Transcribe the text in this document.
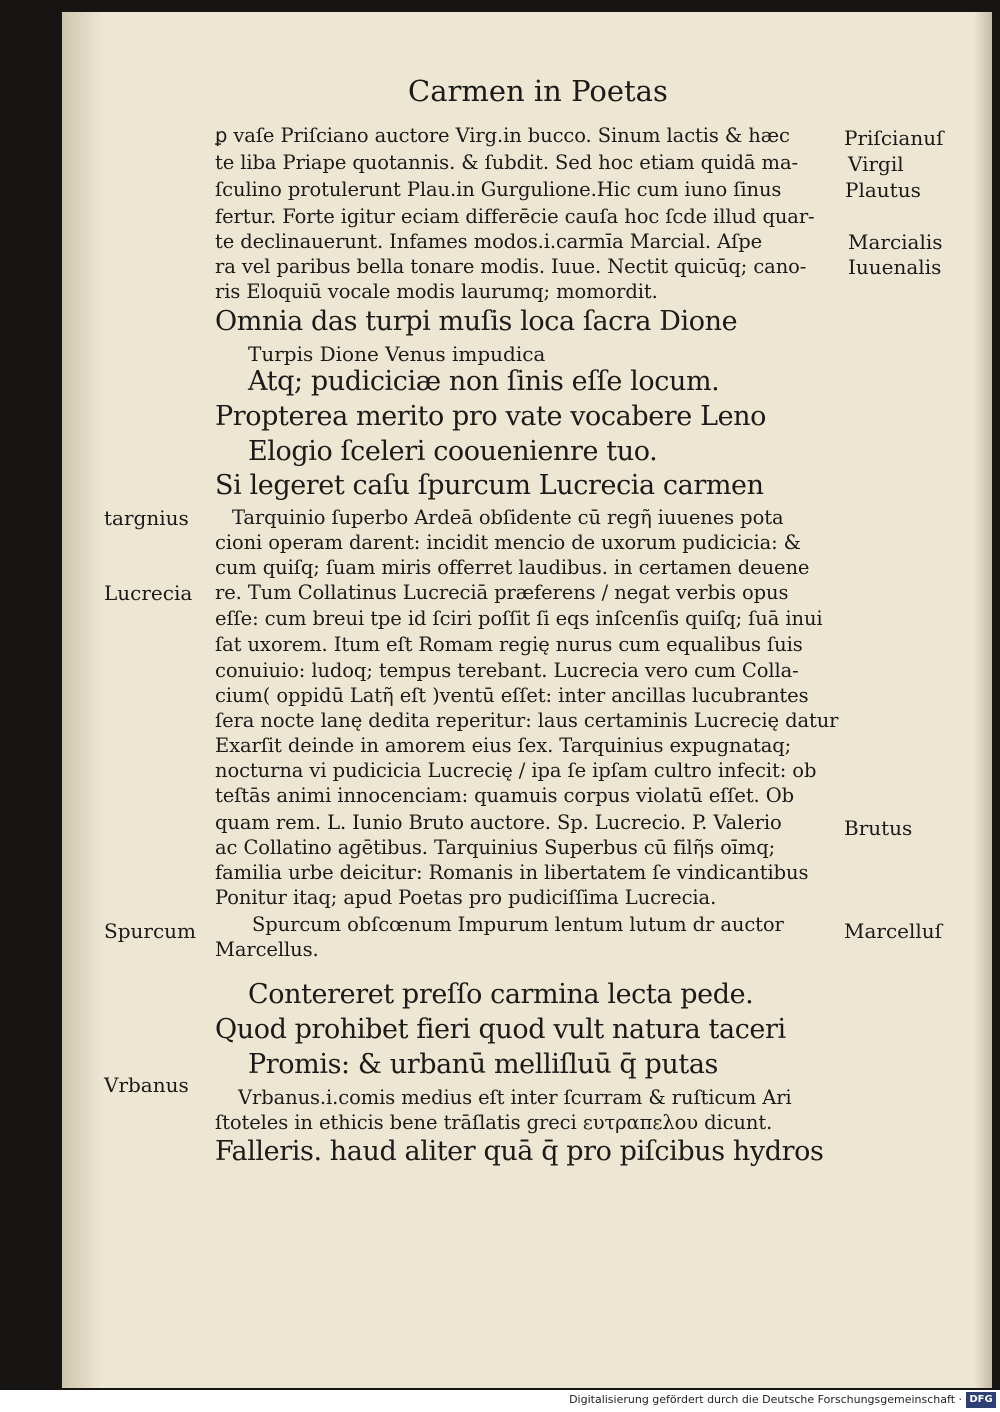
Carmen in Poetas

ꝑ vaſe Priſciano auctore Virg.in bucco. Sinum lactis & hæc

te liba Priape quotannis. & ſubdit. Sed hoc etiam quidā ma-

ſculino protulerunt Plau.in Gurgulione.Hic cum iuno ſinus

fertur. Forte igitur eciam differēcie cauſa hoc ſcde illud quar-

te declinauerunt. Infames modos.i.carmīa Marcial. Aſpe

ra vel paribus bella tonare modis. Iuue. Nectit quicūq; cano-

ris Eloquiū vocale modis laurumq; momordit.

Omnia das turpi muſis loca ſacra Dione

Turpis Dione Venus impudica

Atq; pudiciciæ non ſinis eſſe locum.

Propterea merito pro vate vocabere Leno

Elogio ſceleri coouenienre tuo.

Si legeret caſu ſpurcum Lucrecia carmen

Tarquinio ſuperbo Ardeā obſidente cū regῆ iuuenes pota

cioni operam darent: incidit mencio de uxorum pudicicia: &

cum quiſq; ſuam miris offerret laudibus. in certamen deuene

re. Tum Collatinus Lucreciā præferens / negat verbis opus

eſſe: cum breui tpe id ſciri poſſit ſi eqs inſcenſis quiſq; ſuā inui

ſat uxorem. Itum eſt Romam regię nurus cum equalibus ſuis

conuiuio: ludoq; tempus terebant. Lucrecia vero cum Colla-

cium( oppidū Latῆ eſt )ventū eſſet: inter ancillas lucubrantes

ſera nocte lanę dedita reperitur: laus certaminis Lucrecię datur

Exarſit deinde in amorem eius ſex. Tarquinius expugnataq;

nocturna vi pudicicia Lucrecię / ipa ſe ipſam cultro infecit: ob

teſtās animi innocenciam: quamuis corpus violatū eſſet. Ob

quam rem. L. Iunio Bruto auctore. Sp. Lucrecio. P. Valerio

ac Collatino agētibus. Tarquinius Superbus cū filῆs oīmq;

familia urbe deicitur: Romanis in libertatem ſe vindicantibus

Ponitur itaq; apud Poetas pro pudiciſſima Lucrecia.

Spurcum obſcœnum Impurum lentum lutum dr auctor

Marcellus.

Contereret preſſo carmina lecta pede.

Quod prohibet fieri quod vult natura taceri

Promis: & urbanū melliſluū q̄ putas

Vrbanus.i.comis medius eſt inter ſcurram & ruſticum Ari

ſtoteles in ethicis bene trāſlatis greci ευτραπελου dicunt.

Falleris. haud aliter quā q̄ pro piſcibus hydros

Priſcianuſ

Virgil

Plautus

Marcialis

Iuuenalis

Brutus

Marcelluſ

targnius

Lucrecia

Spurcum

Vrbanus

Digitalisierung gefördert durch die Deutsche Forschungsgemeinschaft · DFG
